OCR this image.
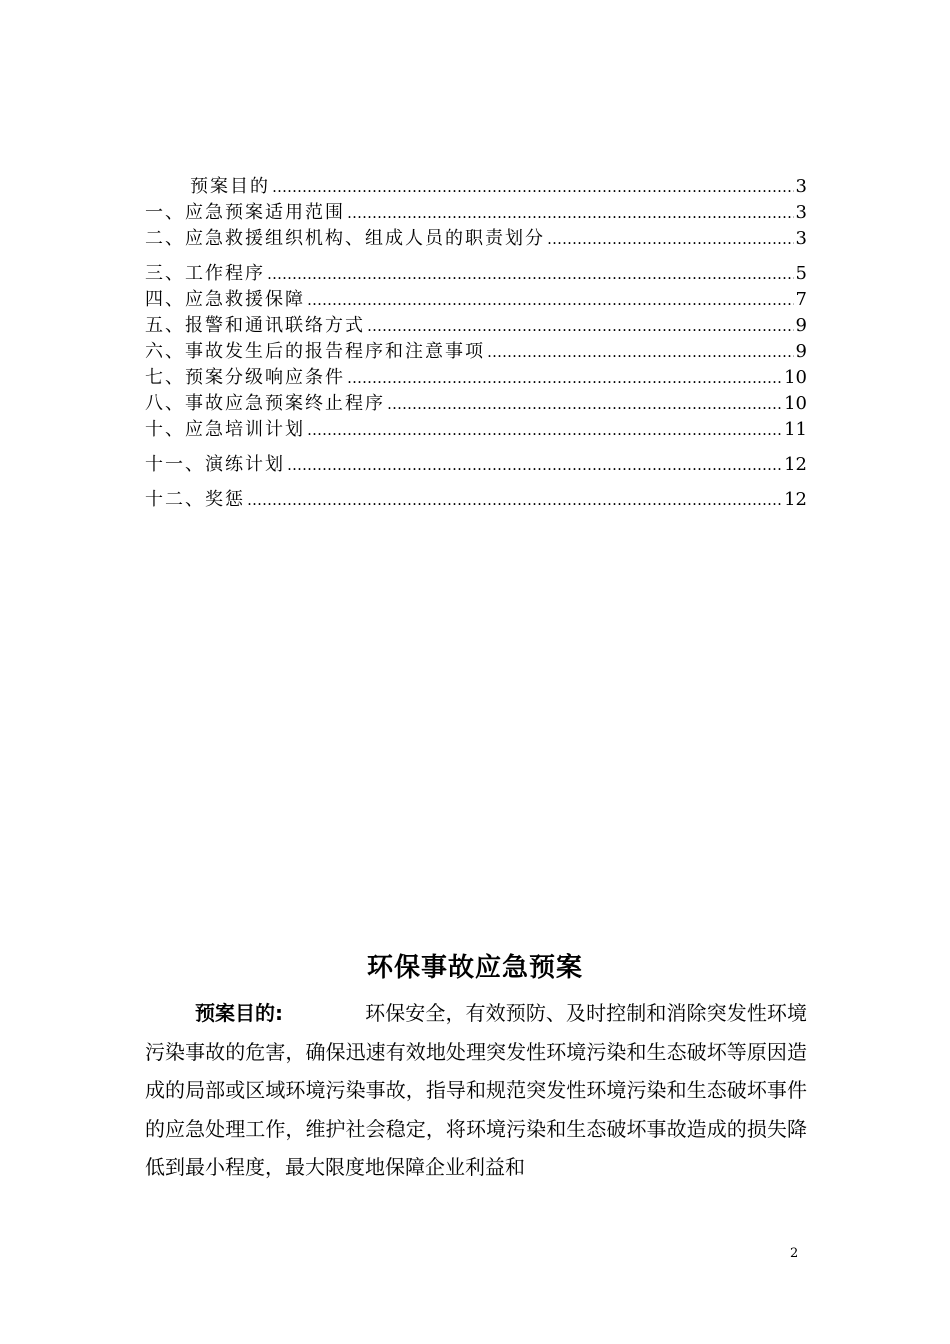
预案目的 …………………………………………………………………………………………………………………………………………………………………	3
一、应急预案适用范围 …………………………………………………………………………………………………………………………………………………………………	3
二、应急救援组织机构、组成人员的职责划分 …………………………………………………………………………………………………………………………………………………………………	3
三、工作程序 …………………………………………………………………………………………………………………………………………………………………	5
四、应急救援保障 …………………………………………………………………………………………………………………………………………………………………	7
五、报警和通讯联络方式 …………………………………………………………………………………………………………………………………………………………………	9
六、事故发生后的报告程序和注意事项 …………………………………………………………………………………………………………………………………………………………………	9
七、预案分级响应条件 …………………………………………………………………………………………………………………………………………………………………	10
八、事故应急预案终止程序 …………………………………………………………………………………………………………………………………………………………………	10
十、应急培训计划 …………………………………………………………………………………………………………………………………………………………………	11
十一、演练计划 …………………………………………………………………………………………………………………………………………………………………	12
十二、奖惩 …………………………………………………………………………………………………………………………………………………………………	12
环保事故应急预案

预案目的:	环保安全，有效预防、及时控制和消除突发性环境污染事故的危害，确保迅速有效地处理突发性环境污染和生态破坏等原因造成的局部或区域环境污染事故，指导和规范突发性环境污染和生态破坏事件的应急处理工作，维护社会稳定，将环境污染和生态破坏事故造成的损失降低到最小程度，最大限度地保障企业利益和

2
